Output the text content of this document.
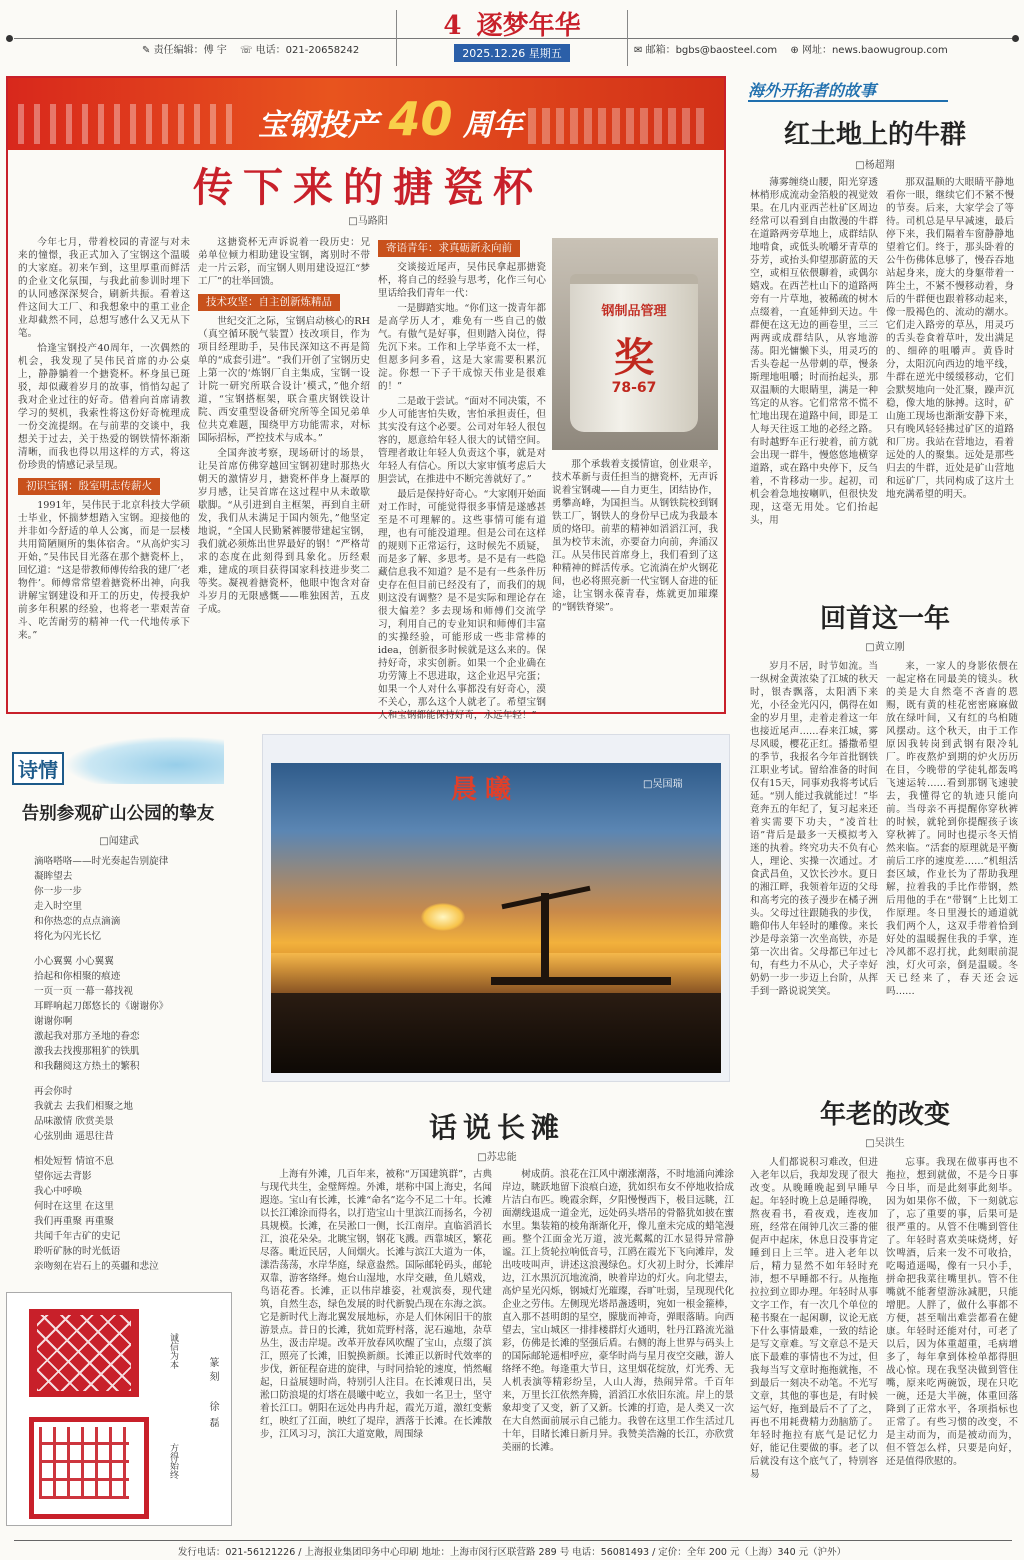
✎ 责任编辑：傅 宇 ☏ 电话：021-20658242
4 逐梦年华
2025.12.26 星期五	✉ 邮箱：bgbs@baosteel.com ⊕ 网址：news.baowugroup.com
宝钢投产 40 周年
传下来的搪瓷杯
□马路阳

今年七月，带着校园的青涩与对未来的憧憬，我正式加入了宝钢这个温暖的大家庭。初来乍到，这里厚重而鲜活的企业文化氛围，与我此前参训时埋下的认同感深深契合，刷新共振。看着这件这间大工厂、和我想象中的重工业企业却截然不同，总想写感什么又无从下笔。

恰逢宝钢投产40周年，一次偶然的机会，我发现了吴伟民首席的办公桌上，静静躺着一个搪瓷杯。杯身虽已斑驳，却似藏着岁月的故事，悄悄勾起了我对企业过往的好奇。借着向首席请教学习的契机，我索性将这份好奇梳理成一份交流提纲。在与前辈的交谈中，我想关于过去，关于热爱的钢铁情怀渐渐清晰，而我也得以用这样的方式，将这份珍贵的情感记录呈现。

初识宝钢：殷室明志传薪火

1991年，吴伟民于北京科技大学硕士毕业，怀揣梦想踏入宝钢。迎接他的并非如今舒适的单人公寓，而是一层楼共用简陋厕所的集体宿舍。“从高炉实习开始，”吴伟民目光落在那个搪瓷杯上，回忆道：“这是带教师傅传给我的建厂‘老物件’。师傅常常望着搪瓷杯出神，向我讲解宝钢建设和开工的历史，传授我炉前多年积累的经验，也将老一辈艰苦奋斗、吃苦耐劳的精神一代一代地传承下来。”

这搪瓷杯无声诉说着一段历史：兄弟单位倾力相助建设宝钢，离别时不带走一片云彩，而宝钢人则用建设逗江“梦工厂”的壮举回馈。

技术攻坚：自主创新炼精品

世纪交汇之际，宝钢启动核心的RH（真空循环脱气装置）技改项目，作为项目经理助手，吴伟民深知这不再是简单的“成套引进”。“我们开创了宝钢历史上第一次的‘炼钢厂自主集成，宝钢一设计院一研究所联合设计’模式，”他介绍道，“宝钢搭框架，联合重庆钢铁设计院、西安重型设备研究所等全国兄弟单位共克难题，围绕甲方功能需求，对标国际招标，严控技术与成本。”

全国奔波考察，现场研讨的场景，让吴首席仿佛穿越回宝钢初建时那热火朝天的激情岁月，搪瓷杯伴身上凝厚的岁月感，让吴首席在这过程中从未敢歇歇脚。“从引进到自主框架，再到自主研发，我们从未满足于国内领先，”他坚定地说，“全国人民勤紧裤腰带建起宝钢，我们就必须炼出世界最好的钢！”严格苛求的态度在此刻得到具象化。历经艰难，建成的项目获得国家科技进步奖二等奖。凝视着搪瓷杯，他眼中饱含对奋斗岁月的无限感慨——唯独困苦，五皮子成。

寄语青年：求真砺新永向前

交谈接近尾声，吴伟民拿起那搪瓷杯，将自己的经验与思考，化作三句心里话给我们青年一代：

一是脚踏实地。“你们这一拨青年都是高学历人才，难免有一些自己的傲气。有傲气是好事，但则踏入岗位，得先沉下来。工作和上学毕竟不太一样，但愿多问多看，这是大家需要积累沉淀。你想一下子干成惊天伟业是很难的！”

二是敢于尝试。“面对不同决策，不少人可能害怕失败，害怕承担责任，但其实没有这个必要。公司对年轻人很包容的，愿意给年轻人很大的试错空间。管理者敢让年轻人负责这个事，就是对年轻人有信心。所以大家审慎考虑后大胆尝试，在推进中不断完善就好了。”

最后是保持好奇心。“大家刚开始面对工作时，可能觉得很多事情是遂感甚至是不可理解的。这些事情可能有道理，也有可能没道理。但是公司在这样的规则下正常运行，这时候先不质疑，而是多了解、多思考。是不是有一些隐藏信息我不知道？是不是有一些条件历史存在但目前已经没有了，而我们的规则这没有调整？是不是实际和理论存在很大偏差？多去现场和师傅们交流学习，利用自己的专业知识和师傅们丰富的实操经验，可能形成一些非常棒的idea，创新很多时候就是这么来的。保持好奇，求实创新。如果一个企业确在功劳簿上不思进取，这企业迟早完蛋；如果一个人对什么事都没有好奇心，漠不关心，那么这个人就老了。希望宝钢人和宝钢都能保持好奇，永远年轻！”

钢制品管理
奖
78-67

那个承载着支援情谊，创业艰辛，技术革新与责任担当的搪瓷杯，无声诉说着宝钢魂——自力更生，团结协作，勇攀高峰，为国担当。从钢铁院校到钢铁工厂，钢铁人的身份早已成为我最本质的烙印。前辈的精神如滔滔江河，我虽为校节末流，亦要奋力向前，奔涌汉江。从吴伟民首席身上，我们看到了这种精神的鲜活传承。它流淌在炉火钢花间，也必将照亮新一代宝钢人奋进的征途，让宝钢永葆青春，炼就更加璀璨的“钢铁脊梁”。

海外开拓者的故事
红土地上的牛群
□杨超翔

薄雾缠绕山腰，阳光穿透林梢形成流动金箔般的视觉效果。在几内亚西芒杜矿区周边经常可以看到自由散漫的牛群在道路两旁草地上，成群结队地啃食，或低头吮嚼牙青草的芬芳，或抬头仰望那蔚蓝的天空，或相互依偎聊着，或偶尔嬉戏。在西芒杜山下的道路两旁有一片草地，被稀疏的树木点缀着，一直延伸到天边。牛群便在这无边的画卷里，三三两两或成群结队，从容地游荡。阳光慵懒下头，用灵巧的舌头卷起一丛带刺的草，慢条斯理地咀嚼；时而抬起头，那双温顺的大眼睛里，满是一种笃定的从容。它们常常不慌不忙地出现在道路中间，即是工人每天往返工地的必经之路。有时越野车正行驶着，前方就会出现一群牛，慢悠悠地横穿道路，或在路中央停下，反刍着，不肯移动一步。起初，司机会着急地按喇叭，但很快发现，这毫无用处。它们抬起头，用

那双温顺的大眼睛平静地看你一眼，继续它们不紧不慢的节奏。后来，大家学会了等待。司机总是早早减速，最后停下来，我们隔着车窗静静地望着它们。终于，那头卧着的公牛伤佛体息够了，慢吞吞地站起身来，庞大的身躯带着一阵尘土，不紧不慢移动着，身后的牛群便也跟着移动起来，像一股褐色的、流动的潮水。它们走入路旁的草丛，用灵巧的舌头卷食着草叶，发出满足的、细碎的咀嚼声。黄昏时分，太阳沉向西边的地平线，牛群在逆光中缓缓移动，它们会默契地向一处汇聚，躁声沉稳，像大地的脉搏。这时，矿山施工现场也渐渐安静下来，只有晚风轻轻拂过矿区的道路和厂房。我站在营地边，看着远处的人的聚集。远处是那些归去的牛群，近处是矿山营地和远矿厂，共同构成了这片土地充满希望的明天。

回首这一年
□黄立刚

岁月不居，时节如流。当一纵树金黄浓染了江城的秋天时，银杏飘落，太阳洒下来光，小径金光闪闪，偶得在如金的岁月里，走着走着这一年也接近尾声……春来江城，雾尽风暖，樱花正红。播撒希望的季节，我报名今年首批钢铁江职业考试。留给准备的时间仅有15天，同事劝我将考试后延。“别人能过我就能过！”毕竟奔五的年纪了，复习起来还着实需要下功夫，“凌首壮语”背后是最多一天模拟考入迷的执着。终究功夫不负有心人，理论、实操一次通过。才食武昌鱼，又饮长沙水。夏日的湘江畔，我领着年迈的父母和高考完的孩子漫步在橘子洲头。父母过往跟随我的步伐，瞻仰伟人年轻时的雕像。来长沙是母亲第一次坐高铁，亦是第一次出省。父母都已年过七旬，有些力不从心，犬子幸好奶奶一步一步迈上台阶，从挥手到一路说说笑笑。

来，一家人的身影依偎在一起定格在同最美的镜头。秋的美是大自然毫不吝啬的恩赐，既有黄的桂花密密麻麻做放在绿叶间，又有红的乌桕随风摆动。这个秋天，由于工作原因我转岗到武钢有限冷轧厂。昨夜熬炉到期的炉火历历在目，今晚带的学徒轧都轰鸣飞速运转……看到那钢飞速驶去，我懂得它的轨迹只能向前。当母亲不再提醒你穿秋裤的时候，就轮到你提醒孩子该穿秋裤了。同时也提示冬天悄然来临。“活套的原理就是平衡前后工序的速度差……”机组活套区域，作业长为了帮助我理解，拉着我的手比作带钢，然后用他的手在“带钢”上比划工作原理。冬日里漫长的通道就我们两个人，这双手带着恰到好处的温暖握住我的手掌，连冷风都不忍打扰，此刻眼前混浊，灯火可亲，倒是温暖。冬天已经来了，春天还会远吗……

诗情
告别参观矿山公园的挚友
□闻建武
滴咯嗒咯——时光奏起告别旋律
凝眸望去
你一步一步
走入时空里
和你热恋的点点滴滴
将化为闪光长忆
小心翼翼 小心翼翼
拾起和你相聚的痕迹
一页一页 一幕一幕找视
耳畔响起刀郎悠长的《谢谢你》
谢谢你啊
激起我对那方圣地的眷恋
激我去找搜那粗犷的铁肌
和我翻阅这方热土的繁积
再会你时
我就去 去我们相聚之地
品味激情 欣赏美景
心弦别曲 遥思往昔
相处短暂 情谊不息
望你远去背影
我心中呼唤
何时在这里 在这里
我们再重聚 再重聚
共闻千年古矿的史记
聆听矿脉的时光低语
亲吻刻在岩石上的英疆和悲泣
诚信为本
篆刻
徐磊
方得始终
晨曦	□吴国瑞
话说长滩
□苏忠能

上海有外滩，几百年来，被称“万国建筑群”，古典与现代共生，金璧辉煌。外滩，堪称中国上海史，名闻遐迩。宝山有长滩，长滩“命名”迄今不足二十年。长滩以长江滩涂而得名，以打造宝山十里滨江而扬名，今初具规模。长滩，在吴淞口一侧，长江南岸。直临滔滔长江，浪花朵朵。北眺宝钢，钢花飞溅。西靠城区，繁花尽落。毗近民居，人间烟火。长滩与滨江大道为一体，漾浩荡荡，水岸华庭，绿意盎然。国际邮轮码头，邮轮双靠，游客络绎。炮台山湿地，水岸交融，鱼儿嬉戏，鸟语花香。长滩，正以伟岸雄姿，社观滨奏，现代建筑，自然生态，绿色发展的时代新貌凸现在东海之滨。它是新时代上海北翼发展地标，亦是人们休闲旧干的旅游景点。昔日的长滩，犹如荒野村落，泥石遍地，杂草丛生，汲击岸堤。改革开放春风吹醒了宝山，点缀了滨江，照亮了长滩，旧貌换新颜。长滩正以新时代效率的步伐，新征程奋进的旋律，与时同拾轮的速度，悄然崛起，日益展翅时尚，特别引人注目。在长滩观日出，吴淞口防浪堤的灯塔在晨曦中屹立，我如一名卫士，坚守着长江口。朝阳在远处冉冉升起，霞光万道，激红变紫红，映红了江面，映红了堤岸，洒落于长滩。在长滩散步，江风习习，滨江大道宽敞，周围绿

树成荫。浪花在江风中潮涨潮落，不时地涌向滩涂岸边，眺跃地留下浪痕白迹，犹如织布女不停地收拾成片洁白布匹。晚霞余辉，夕阳慢慢西下，极目远眺，江面潮线退成一道金光，远处码头塔吊的骨骼犹如披在蜜水里。集装箱的棱角渐渐化开，像儿童未完成的蜡笔漫画。整个江面金光万道，波光粼粼的江水显得异常静谧。江上货轮拉响低音号，江鸥在霞光下飞向滩岸，发出吱吱叫声，讲述这浪漫绿色。灯火初上时分，长滩岸边，江水黑沉沉地流淌，映着岸边的灯火。向北望去，高炉星光闪烁，钢城灯光璀璨，吞旷吐弱，呈现现代化企业之劳伟。左侧现光塔昂盏透明，宛如一根金箍棒，直入那不甚明朗的星空，朦胧而神奇，弹眼落睛。向西望去，宝山城区一排排楼群灯火通明，牡丹江路流光溢彩，仿佛是长滩的坚强后盾。右侧的海上世界与码头上的国际邮轮遥相呼应，豪华时尚与星月夜空交融，游人络绎不绝。每逢重大节日，这里烟花绽放，灯光秀、无人机表演等精彩纷呈，人山人海，热闹异常。千百年来，万里长江依然奔腾，滔滔江水依旧东流。岸上的景象却变了又变，新了又新。长滩的打造，是人类又一次在大自然面前展示自己能力。我曾在这里工作生活过几十年，目睹长滩日新月异。我赞美浩瀚的长江，亦欣赏美丽的长滩。

年老的改变
□吴洪生

人们都说积习难改，但进入老年以后，我却发现了很大改变。从晚睡晚起到早睡早起。年轻时晚上总是睡得晚，熬夜看书，看夜戏，连夜加班，经常在闹钟几次三番的催促声中起床，休息日没事肯定睡到日上三竿。进入老年以后，精力显然不如年轻时充沛，想不早睡都不行。从拖拖拉拉到立即办理。年轻时从事文字工作，有一次几个单位的秘书聚在一起闲聊，议论无底下什么事情最难，一致的结论是写文章难。写文章总不是天底下最难的事情也不为过，但我每当写文章时拖拖就拖，不到最后一刻决不动笔。不光写文章，其他的事也是，有时候运气好，拖到最后不了了之，再也不用耗费精力劲脑筋了。年轻时拖拉有底气是记忆力好，能记住要做的事。老了以后就没有这个底气了，特别容易

忘事。我现在做事再也不拖拉，想到就做，不是今日事今日毕，而是此刻事此刻毕。因为如果你不做，下一刻就忘了，忘了重要的事，后果可是很严重的。从管不住嘴到管住了。年轻时喜欢美味烧烤，好饮啤酒，后来一发不可收拾，吃喝逍遥喝，像有一只小手，拼命把我菜往嘴里扒。管不住嘴就不能奢望游泳减肥，只能增肥。人胖了，做什么事都不方便，甚至喘出难尝都看在健康。年轻时还能对付，可老了以后，因为体重超重，毛病增多了，每年拿到体检单都得胆战心惊。现在我坚决做到管住嘴，原来吃两碗饭，现在只吃一碗，还是大半碗，体重回落降到了正常水平，各项指标也正常了。有些习惯的改变，不是主动而为，而是被动而为，但不管怎么样，只要是向好，还是值得欣慰的。

发行电话：021-56121226 / 上海报业集团印务中心印刷 地址：上海市闵行区联营路 289 号 电话：56081493 / 定价：全年 200 元（上海）340 元（沪外）
